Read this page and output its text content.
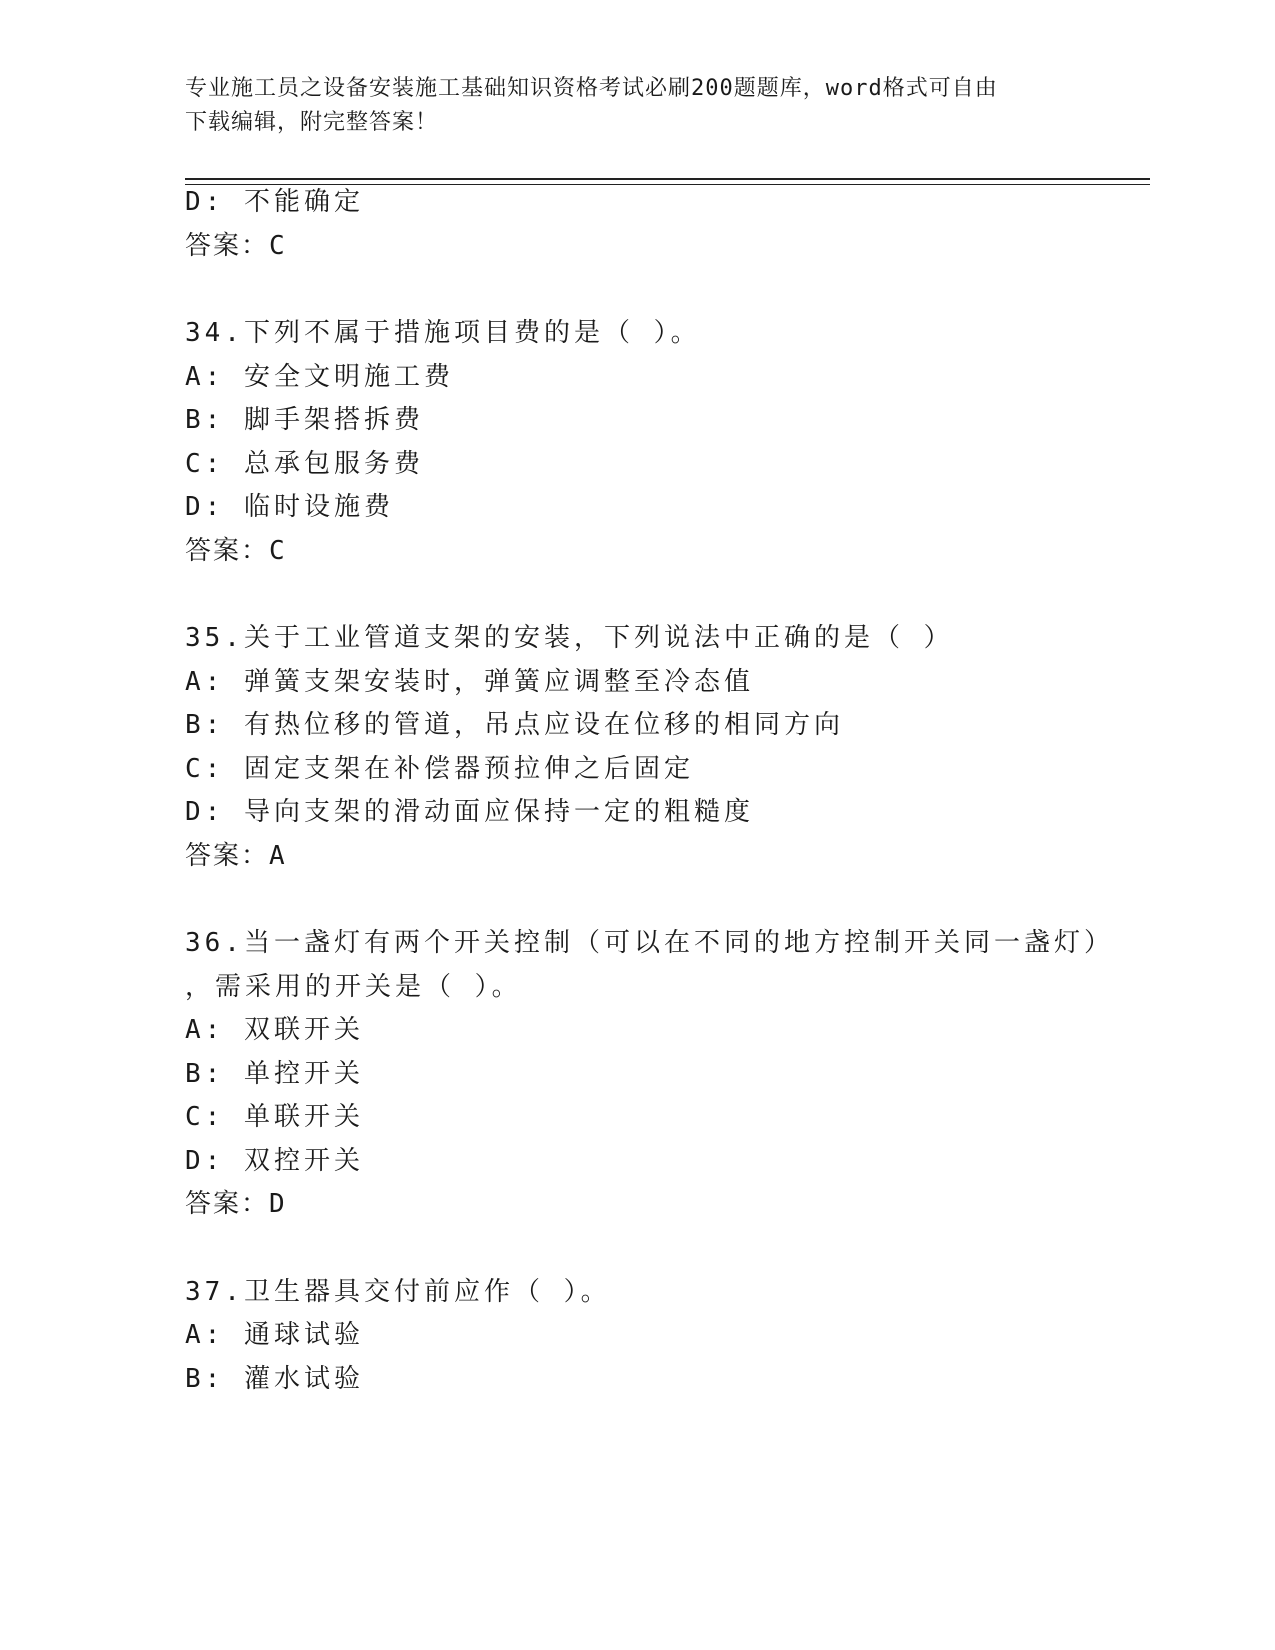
专业施工员之设备安装施工基础知识资格考试必刷200题题库，word格式可自由
下载编辑，附完整答案！
D: 不能确定
答案：C
34.下列不属于措施项目费的是（ ）。
A: 安全文明施工费
B: 脚手架搭拆费
C: 总承包服务费
D: 临时设施费
答案：C
35.关于工业管道支架的安装，下列说法中正确的是（ ）
A: 弹簧支架安装时，弹簧应调整至冷态值
B: 有热位移的管道，吊点应设在位移的相同方向
C: 固定支架在补偿器预拉伸之后固定
D: 导向支架的滑动面应保持一定的粗糙度
答案：A
36.当一盏灯有两个开关控制（可以在不同的地方控制开关同一盏灯）
，需采用的开关是（ ）。
A: 双联开关
B: 单控开关
C: 单联开关
D: 双控开关
答案：D
37.卫生器具交付前应作（ ）。
A: 通球试验
B: 灌水试验
